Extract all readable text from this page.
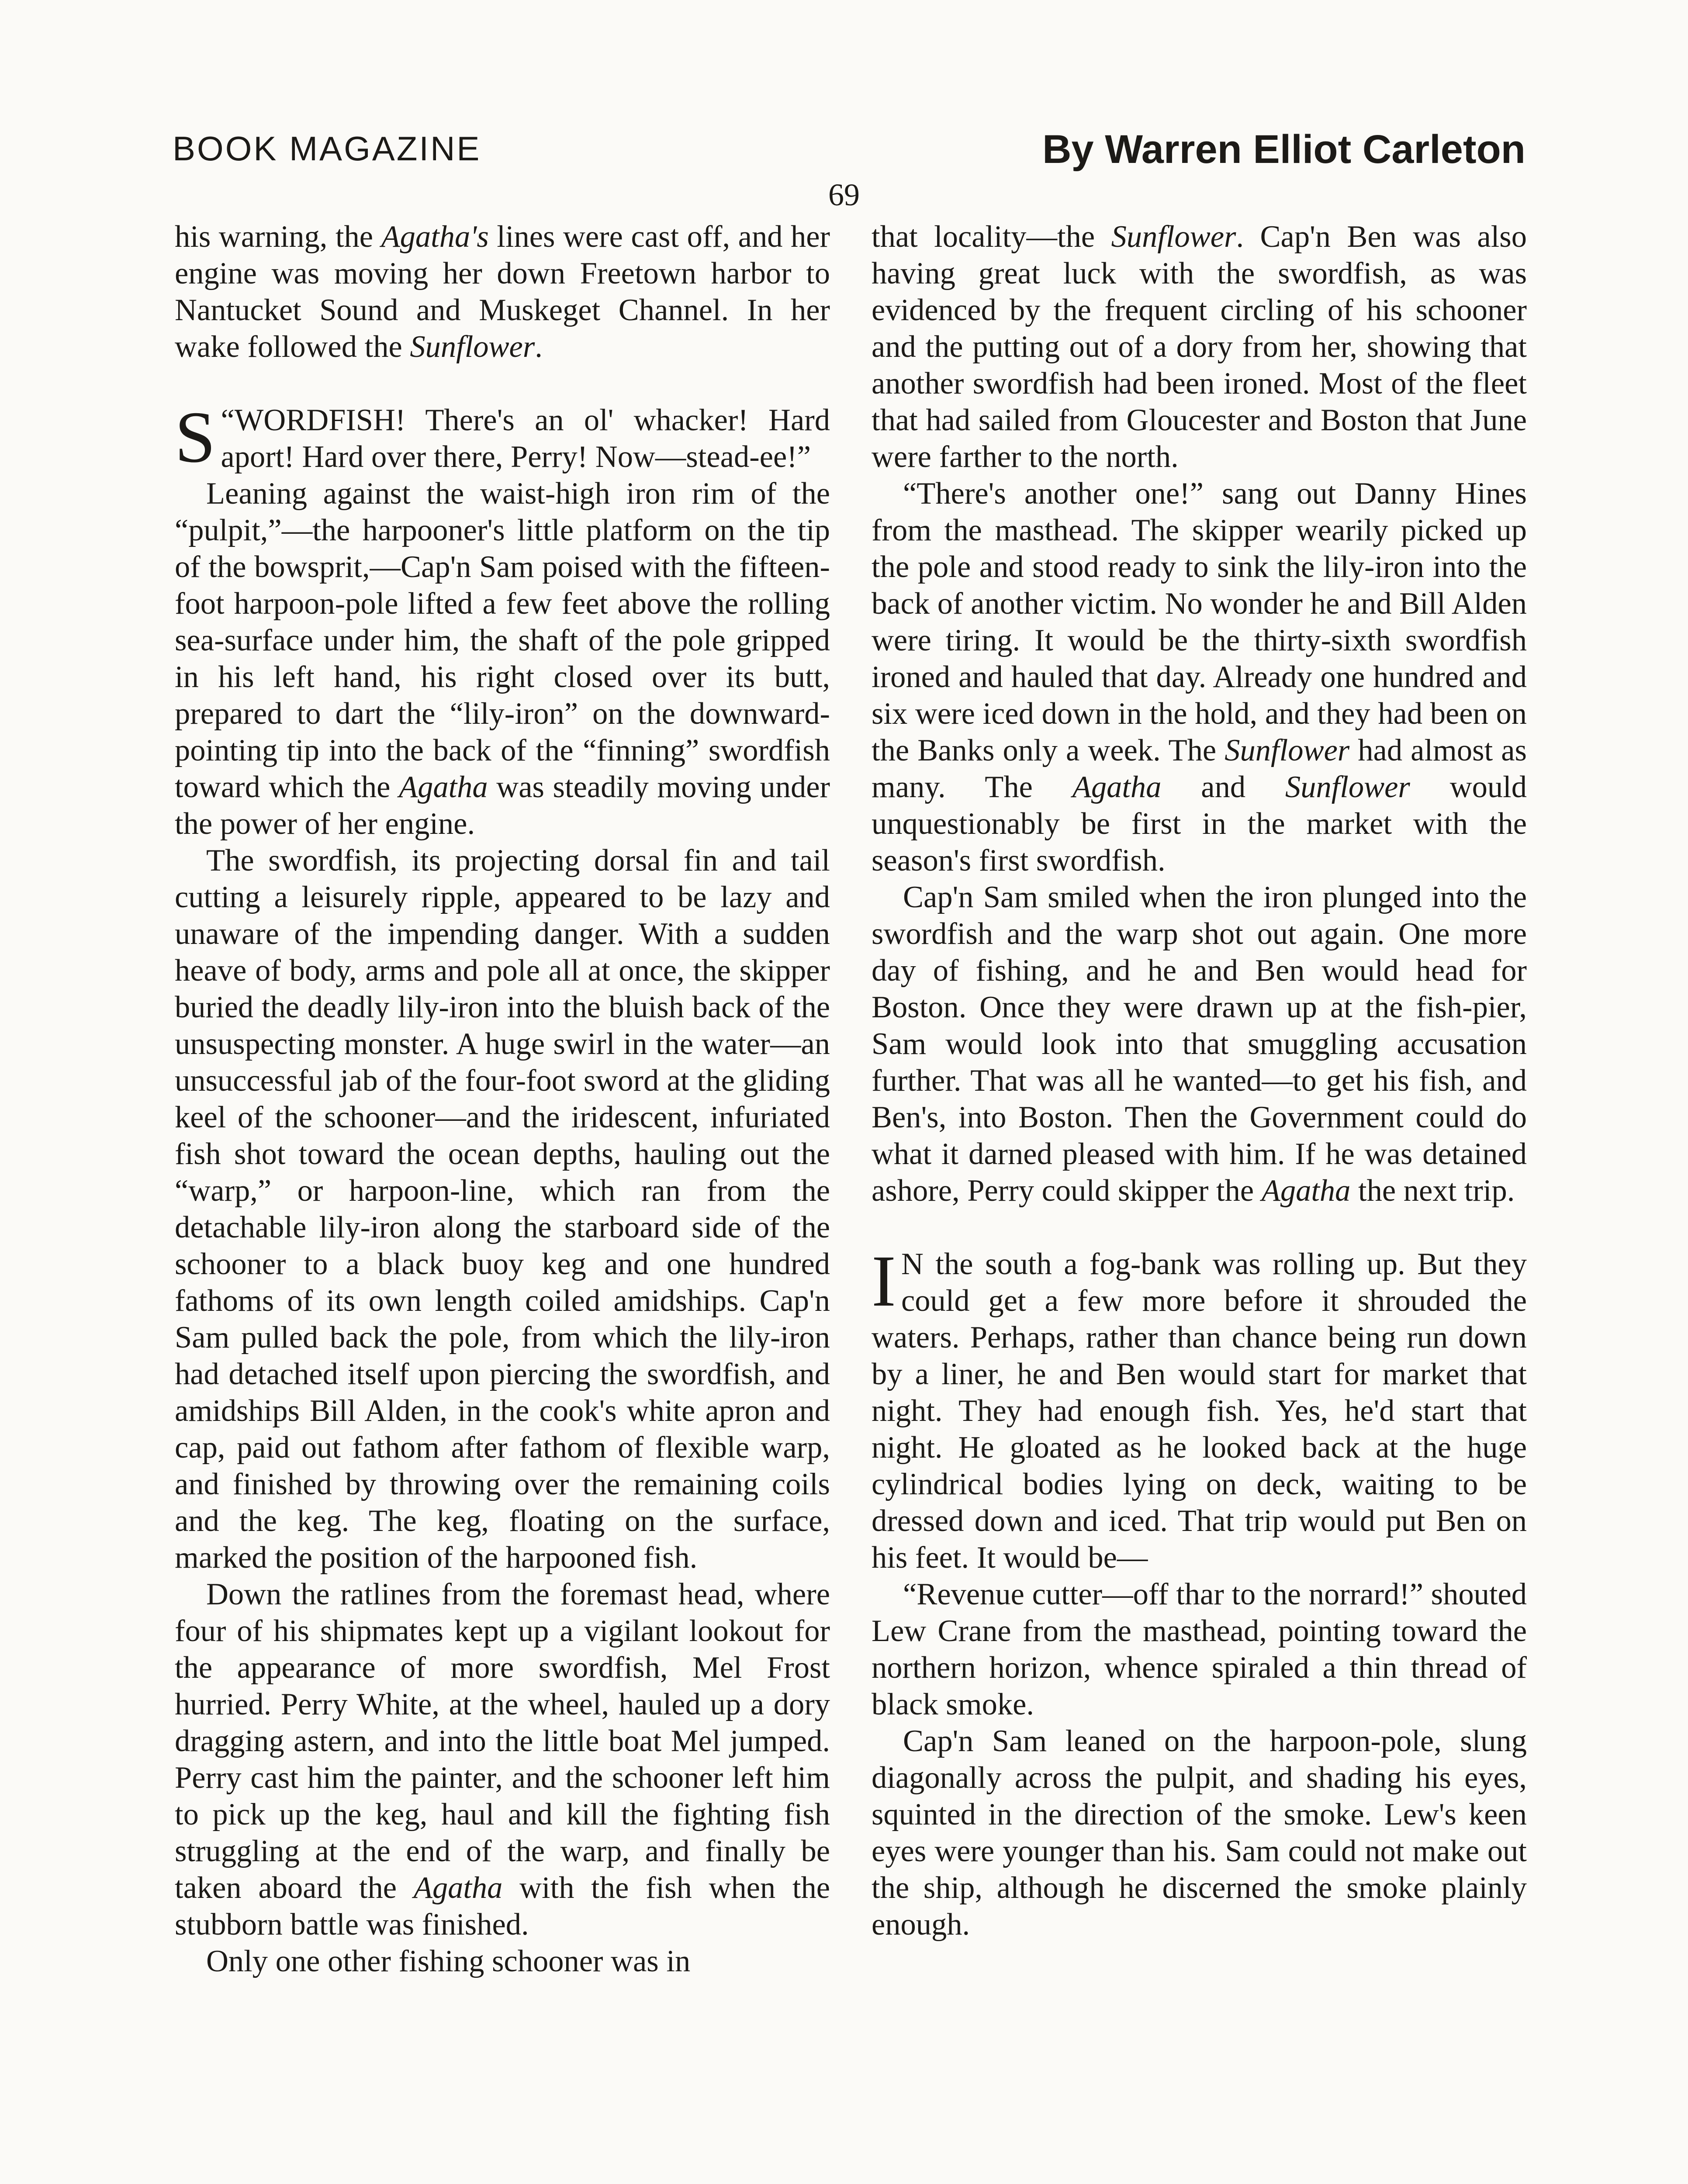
BOOK MAGAZINE	By Warren Elliot Carleton
69

his warning, the Agatha's lines were cast off, and her engine was moving her down Freetown harbor to Nantucket Sound and Muskeget Channel. In her wake followed the Sunflower.

S “WORDFISH! There's an ol' whacker! Hard aport! Hard over there, Perry! Now—stead-ee!”

Leaning against the waist-high iron rim of the “pulpit,”—the harpooner's little platform on the tip of the bowsprit,—Cap'n Sam poised with the fifteen-foot harpoon-pole lifted a few feet above the rolling sea-surface under him, the shaft of the pole gripped in his left hand, his right closed over its butt, prepared to dart the “lily-iron” on the downward-pointing tip into the back of the “finning” swordfish toward which the Agatha was steadily moving under the power of her engine.

The swordfish, its projecting dorsal fin and tail cutting a leisurely ripple, appeared to be lazy and unaware of the impending danger. With a sudden heave of body, arms and pole all at once, the skipper buried the deadly lily-iron into the bluish back of the unsuspecting monster. A huge swirl in the water—an unsuccessful jab of the four-foot sword at the gliding keel of the schooner—and the iridescent, infuriated fish shot toward the ocean depths, hauling out the “warp,” or harpoon-line, which ran from the detachable lily-iron along the starboard side of the schooner to a black buoy keg and one hundred fathoms of its own length coiled amidships. Cap'n Sam pulled back the pole, from which the lily-iron had detached itself upon piercing the swordfish, and amidships Bill Alden, in the cook's white apron and cap, paid out fathom after fathom of flexible warp, and finished by throwing over the remaining coils and the keg. The keg, floating on the surface, marked the position of the harpooned fish.

Down the ratlines from the foremast head, where four of his shipmates kept up a vigilant lookout for the appearance of more swordfish, Mel Frost hurried. Perry White, at the wheel, hauled up a dory dragging astern, and into the little boat Mel jumped. Perry cast him the painter, and the schooner left him to pick up the keg, haul and kill the fighting fish struggling at the end of the warp, and finally be taken aboard the Agatha with the fish when the stubborn battle was finished.

Only one other fishing schooner was in

that locality—the Sunflower. Cap'n Ben was also having great luck with the swordfish, as was evidenced by the frequent circling of his schooner and the putting out of a dory from her, showing that another swordfish had been ironed. Most of the fleet that had sailed from Gloucester and Boston that June were farther to the north.

“There's another one!” sang out Danny Hines from the masthead. The skipper wearily picked up the pole and stood ready to sink the lily-iron into the back of another victim. No wonder he and Bill Alden were tiring. It would be the thirty-sixth swordfish ironed and hauled that day. Already one hundred and six were iced down in the hold, and they had been on the Banks only a week. The Sunflower had almost as many. The Agatha and Sunflower would unquestionably be first in the market with the season's first swordfish.

Cap'n Sam smiled when the iron plunged into the swordfish and the warp shot out again. One more day of fishing, and he and Ben would head for Boston. Once they were drawn up at the fish-pier, Sam would look into that smuggling accusation further. That was all he wanted—to get his fish, and Ben's, into Boston. Then the Government could do what it darned pleased with him. If he was detained ashore, Perry could skipper the Agatha the next trip.

I N the south a fog-bank was rolling up. But they could get a few more before it shrouded the waters. Perhaps, rather than chance being run down by a liner, he and Ben would start for market that night. They had enough fish. Yes, he'd start that night. He gloated as he looked back at the huge cylindrical bodies lying on deck, waiting to be dressed down and iced. That trip would put Ben on his feet. It would be—

“Revenue cutter—off thar to the norrard!” shouted Lew Crane from the masthead, pointing toward the northern horizon, whence spiraled a thin thread of black smoke.

Cap'n Sam leaned on the harpoon-pole, slung diagonally across the pulpit, and shading his eyes, squinted in the direction of the smoke. Lew's keen eyes were younger than his. Sam could not make out the ship, although he discerned the smoke plainly enough.
